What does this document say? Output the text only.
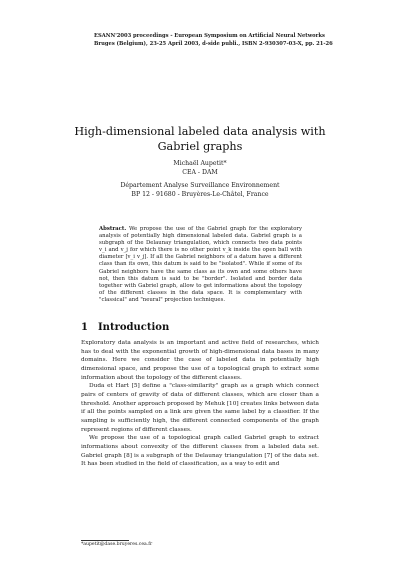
ESANN'2003 proceedings - European Symposium on Artificial Neural Networks
Bruges (Belgium), 23-25 April 2003, d-side publi., ISBN 2-930307-03-X, pp. 21-26
High-dimensional labeled data analysis with
Gabriel graphs
Michaël Aupetit*
CEA - DAM
Département Analyse Surveillance Environnement
BP 12 - 91680 - Bruyères-Le-Châtel, France
Abstract. We propose the use of the Gabriel graph for the exploratory analysis of potentially high dimensional labeled data. Gabriel graph is a subgraph of the Delaunay triangulation, which connects two data points v_i and v_j for which there is no other point v_k inside the open ball with diameter [v_i v_j]. If all the Gabriel neighbors of a datum have a different class than its own, this datum is said to be "isolated". While if some of its Gabriel neighbors have the same class as its own and some others have not, then this datum is said to be "border". Isolated and border data together with Gabriel graph, allow to get informations about the topology of the different classes in the data space. It is complementary with "classical" and "neural" projection techniques.
1 Introduction

Exploratory data analysis is an important and active field of researches, which has to deal with the exponential growth of high-dimensional data bases in many domains. Here we consider the case of labeled data in potentially high dimensional space, and propose the use of a topological graph to extract some information about the topology of the different classes.

Duda et Hart [5] define a "class-similarity" graph as a graph which connect pairs of centers of gravity of data of different classes, which are closer than a threshold. Another approach proposed by Mehuk [10] creates links between data if all the points sampled on a link are given the same label by a classifier. If the sampling is sufficiently high, the different connected components of the graph represent regions of different classes.

We propose the use of a topological graph called Gabriel graph to extract informations about convexity of the different classes from a labeled data set. Gabriel graph [8] is a subgraph of the Delaunay triangulation [7] of the data set. It has been studied in the field of classification, as a way to edit and

*aupetit@dase.bruyeres.cea.fr
